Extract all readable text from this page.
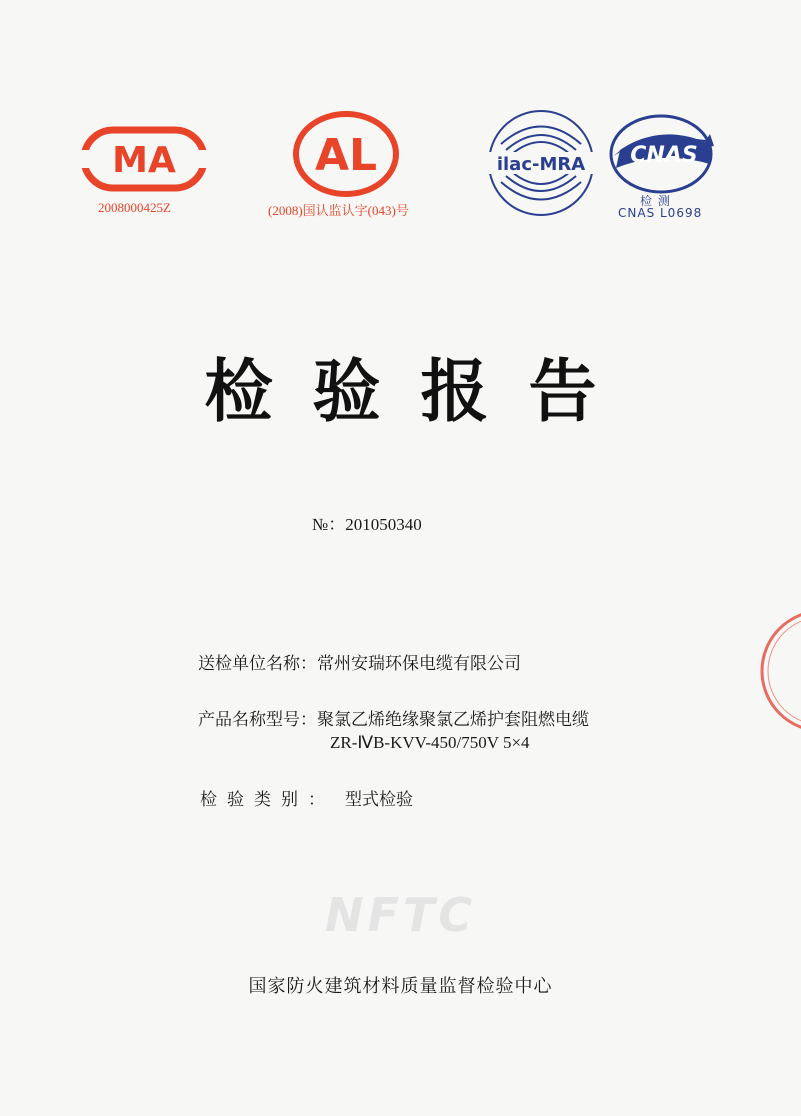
MA
2008000425Z
AL
(2008)国认监认字(043)号
ilac-MRA CNAS
检 测
CNAS L0698
检验报告
№：201050340
送检单位名称：常州安瑞环保电缆有限公司
产品名称型号：聚氯乙烯绝缘聚氯乙烯护套阻燃电缆
ZR-ⅣB-KVV-450/750V 5×4
检验类别： 型式检验
NFTC
国家防火建筑材料质量监督检验中心
